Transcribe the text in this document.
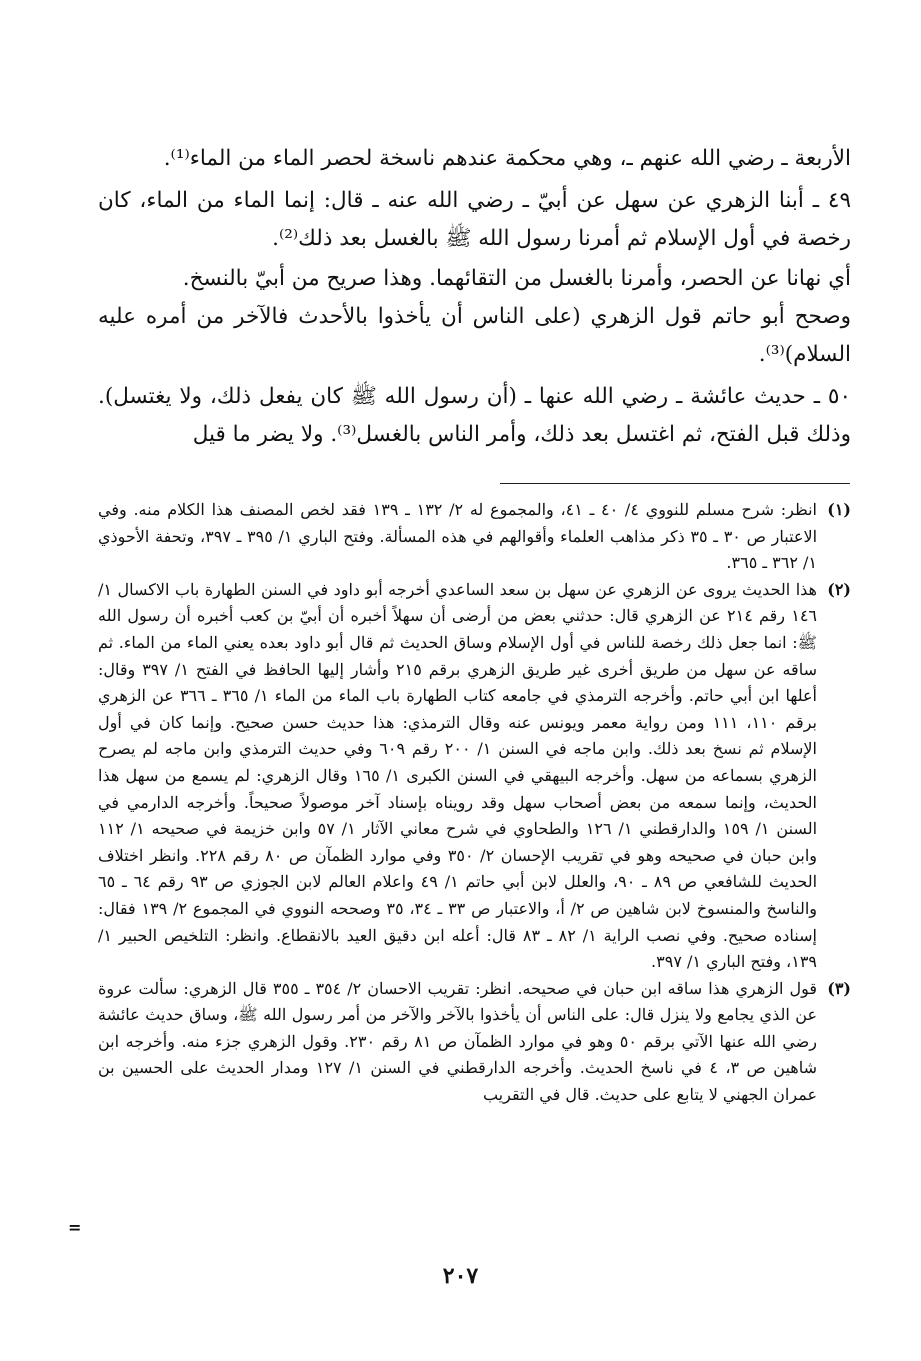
الأربعة ـ رضي الله عنهم ـ، وهي محكمة عندهم ناسخة لحصر الماء من الماء⁽¹⁾.

٤٩ ـ أبنا الزهري عن سهل عن أبيّ ـ رضي الله عنه ـ قال: إنما الماء من الماء، كان رخصة في أول الإسلام ثم أمرنا رسول الله ﷺ بالغسل بعد ذلك⁽²⁾.

أي نهانا عن الحصر، وأمرنا بالغسل من التقائهما. وهذا صريح من أبيّ بالنسخ.

وصحح أبو حاتم قول الزهري (على الناس أن يأخذوا بالأحدث فالآخر من أمره عليه السلام)⁽³⁾.

٥٠ ـ حديث عائشة ـ رضي الله عنها ـ (أن رسول الله ﷺ كان يفعل ذلك، ولا يغتسل). وذلك قبل الفتح، ثم اغتسل بعد ذلك، وأمر الناس بالغسل⁽³⁾. ولا يضر ما قيل

(١)
انظر: شرح مسلم للنووي ٤/ ٤٠ ـ ٤١، والمجموع له ٢/ ١٣٢ ـ ١٣٩ فقد لخص المصنف هذا الكلام منه. وفي الاعتبار ص ٣٠ ـ ٣٥ ذكر مذاهب العلماء وأقوالهم في هذه المسألة. وفتح الباري ١/ ٣٩٥ ـ ٣٩٧، وتحفة الأحوذي ١/ ٣٦٢ ـ ٣٦٥.
(٢)
هذا الحديث يروى عن الزهري عن سهل بن سعد الساعدي أخرجه أبو داود في السنن الطهارة باب الاكسال ١/ ١٤٦ رقم ٢١٤ عن الزهري قال: حدثني بعض من أرضى أن سهلاً أخبره أن أبيّ بن كعب أخبره أن رسول الله ﷺ: انما جعل ذلك رخصة للناس في أول الإسلام وساق الحديث ثم قال أبو داود بعده يعني الماء من الماء. ثم ساقه عن سهل من طريق أخرى غير طريق الزهري برقم ٢١٥ وأشار إليها الحافظ في الفتح ١/ ٣٩٧ وقال: أعلها ابن أبي حاتم. وأخرجه الترمذي في جامعه كتاب الطهارة باب الماء من الماء ١/ ٣٦٥ ـ ٣٦٦ عن الزهري برقم ١١٠، ١١١ ومن رواية معمر ويونس عنه وقال الترمذي: هذا حديث حسن صحيح. وإنما كان في أول الإسلام ثم نسخ بعد ذلك. وابن ماجه في السنن ١/ ٢٠٠ رقم ٦٠٩ وفي حديث الترمذي وابن ماجه لم يصرح الزهري بسماعه من سهل. وأخرجه البيهقي في السنن الكبرى ١/ ١٦٥ وقال الزهري: لم يسمع من سهل هذا الحديث، وإنما سمعه من بعض أصحاب سهل وقد رويناه بإسناد آخر موصولاً صحيحاً. وأخرجه الدارمي في السنن ١/ ١٥٩ والدارقطني ١/ ١٢٦ والطحاوي في شرح معاني الآثار ١/ ٥٧ وابن خزيمة في صحيحه ١/ ١١٢ وابن حبان في صحيحه وهو في تقريب الإحسان ٢/ ٣٥٠ وفي موارد الظمآن ص ٨٠ رقم ٢٢٨. وانظر اختلاف الحديث للشافعي ص ٨٩ ـ ٩٠، والعلل لابن أبي حاتم ١/ ٤٩ واعلام العالم لابن الجوزي ص ٩٣ رقم ٦٤ ـ ٦٥ والناسخ والمنسوخ لابن شاهين ص ٢/ أ، والاعتبار ص ٣٣ ـ ٣٤، ٣٥ وصححه النووي في المجموع ٢/ ١٣٩ فقال: إسناده صحيح. وفي نصب الراية ١/ ٨٢ ـ ٨٣ قال: أعله ابن دقيق العيد بالانقطاع. وانظر: التلخيص الحبير ١/ ١٣٩، وفتح الباري ١/ ٣٩٧.
(٣)
قول الزهري هذا ساقه ابن حبان في صحيحه. انظر: تقريب الاحسان ٢/ ٣٥٤ ـ ٣٥٥ قال الزهري: سألت عروة عن الذي يجامع ولا ينزل قال: على الناس أن يأخذوا بالآخر والآخر من أمر رسول الله ﷺ، وساق حديث عائشة رضي الله عنها الآتي برقم ٥٠ وهو في موارد الظمآن ص ٨١ رقم ٢٣٠. وقول الزهري جزء منه. وأخرجه ابن شاهين ص ٣، ٤ في ناسخ الحديث. وأخرجه الدارقطني في السنن ١/ ١٢٧ ومدار الحديث على الحسين بن عمران الجهني لا يتابع على حديث. قال في التقريب
=
٢٠٧
